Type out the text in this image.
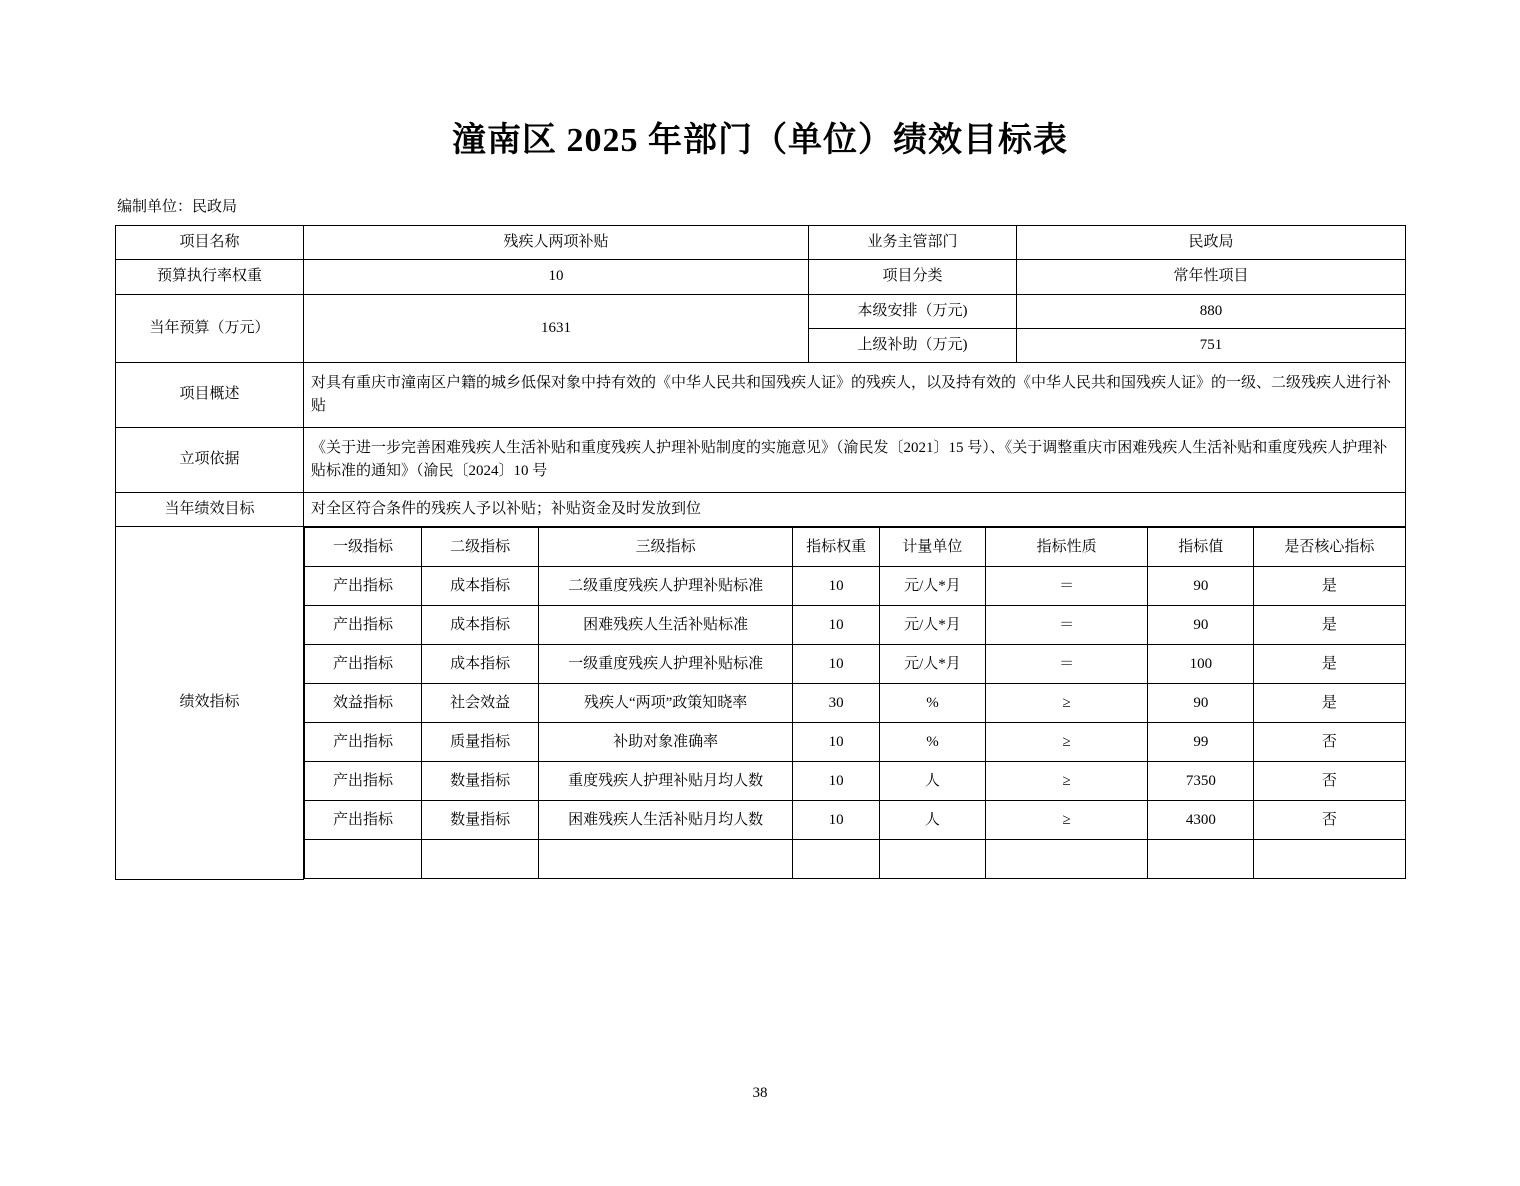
潼南区 2025 年部门（单位）绩效目标表
编制单位：民政局
项目名称	残疾人两项补贴	业务主管部门	民政局
预算执行率权重	10	项目分类	常年性项目
当年预算（万元）	1631	本级安排（万元)	880
上级补助（万元)	751
项目概述	对具有重庆市潼南区户籍的城乡低保对象中持有效的《中华人民共和国残疾人证》的残疾人，以及持有效的《中华人民共和国残疾人证》的一级、二级残疾人进行补贴
立项依据	《关于进一步完善困难残疾人生活补贴和重度残疾人护理补贴制度的实施意见》（渝民发〔2021〕15 号）、《关于调整重庆市困难残疾人生活补贴和重度残疾人护理补贴标准的通知》（渝民〔2024〕10 号
当年绩效目标	对全区符合条件的残疾人予以补贴；补贴资金及时发放到位
绩效指标	
一级指标	二级指标	三级指标	指标权重	计量单位	指标性质	指标值	是否核心指标
产出指标	成本指标	二级重度残疾人护理补贴标准	10	元/人*月	＝	90	是
产出指标	成本指标	困难残疾人生活补贴标准	10	元/人*月	＝	90	是
产出指标	成本指标	一级重度残疾人护理补贴标准	10	元/人*月	＝	100	是
效益指标	社会效益	残疾人“两项”政策知晓率	30	%	≥	90	是
产出指标	质量指标	补助对象准确率	10	%	≥	99	否
产出指标	数量指标	重度残疾人护理补贴月均人数	10	人	≥	7350	否
产出指标	数量指标	困难残疾人生活补贴月均人数	10	人	≥	4300	否

38
